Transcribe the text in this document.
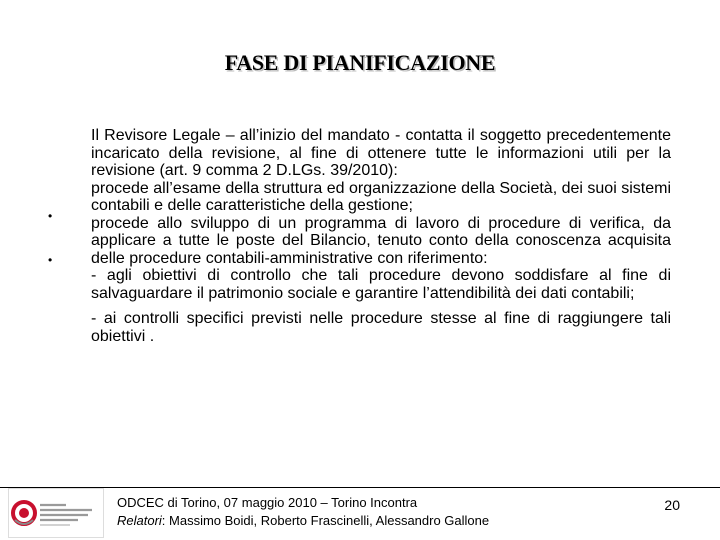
FASE DI PIANIFICAZIONE
•
•

Il Revisore Legale – all’inizio del mandato - contatta il soggetto precedentemente incaricato della revisione, al fine di ottenere tutte le informazioni utili per la revisione (art. 9 comma 2 D.LGs. 39/2010):

procede all’esame della struttura ed organizzazione della Società, dei suoi sistemi contabili e delle caratteristiche della gestione;

procede allo sviluppo di un programma di lavoro di procedure di verifica, da applicare a tutte le poste del Bilancio, tenuto conto della conoscenza acquisita delle procedure contabili-amministrative con riferimento:

- agli obiettivi di controllo che tali procedure devono soddisfare al fine di salvaguardare il patrimonio sociale e garantire l’attendibilità dei dati contabili;

- ai controlli specifici previsti nelle procedure stesse al fine di raggiungere tali obiettivi .

ODCEC di Torino, 07 maggio 2010 – Torino Incontra
Relatori: Massimo Boidi, Roberto Frascinelli, Alessandro Gallone
20
